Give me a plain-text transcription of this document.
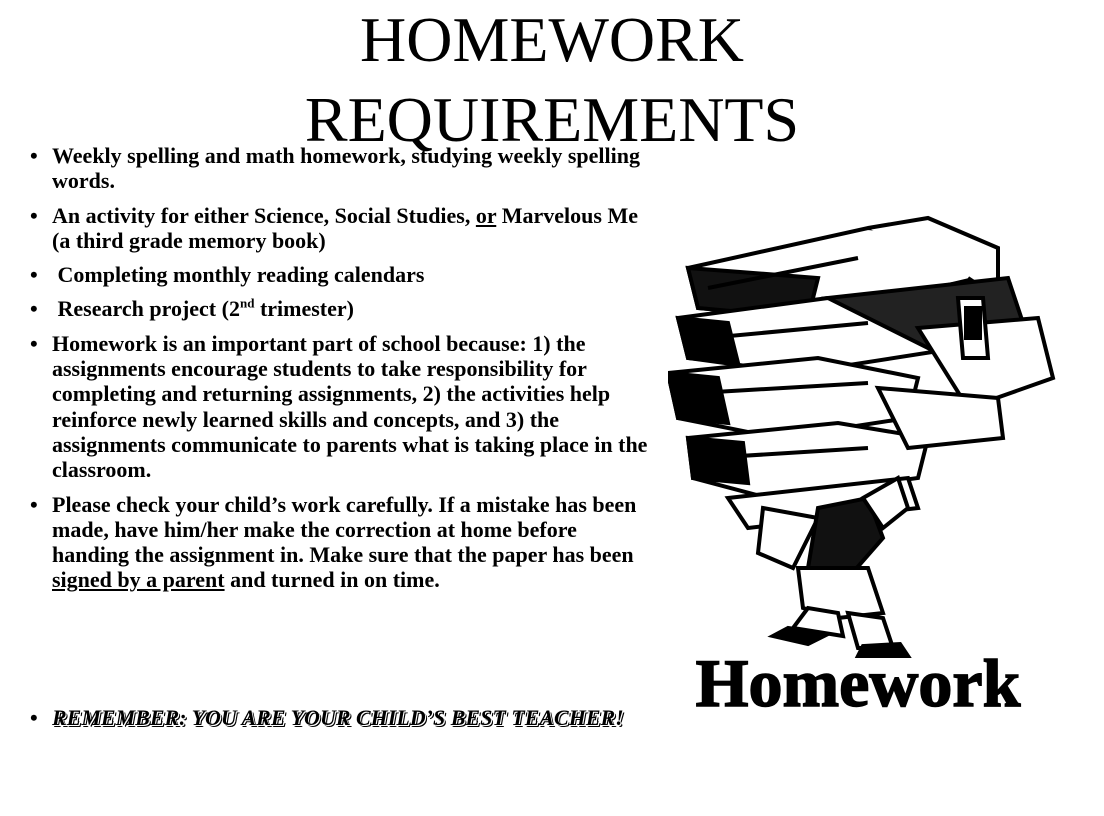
HOMEWORK
REQUIREMENTS
• Weekly spelling and math homework, studying weekly spelling words.
• An activity for either Science, Social Studies, or Marvelous Me (a third grade memory book)
• Completing monthly reading calendars
• Research project (2nd trimester)
• Homework is an important part of school because: 1) the assignments encourage students to take responsibility for completing and returning assignments, 2) the activities help reinforce newly learned skills and concepts, and 3) the assignments communicate to parents what is taking place in the classroom.
• Please check your child’s work carefully. If a mistake has been made, have him/her make the correction at home before handing the assignment in. Make sure that the paper has been signed by a parent and turned in on time.
• REMEMBER: YOU ARE YOUR CHILD’S BEST TEACHER!	Homework
